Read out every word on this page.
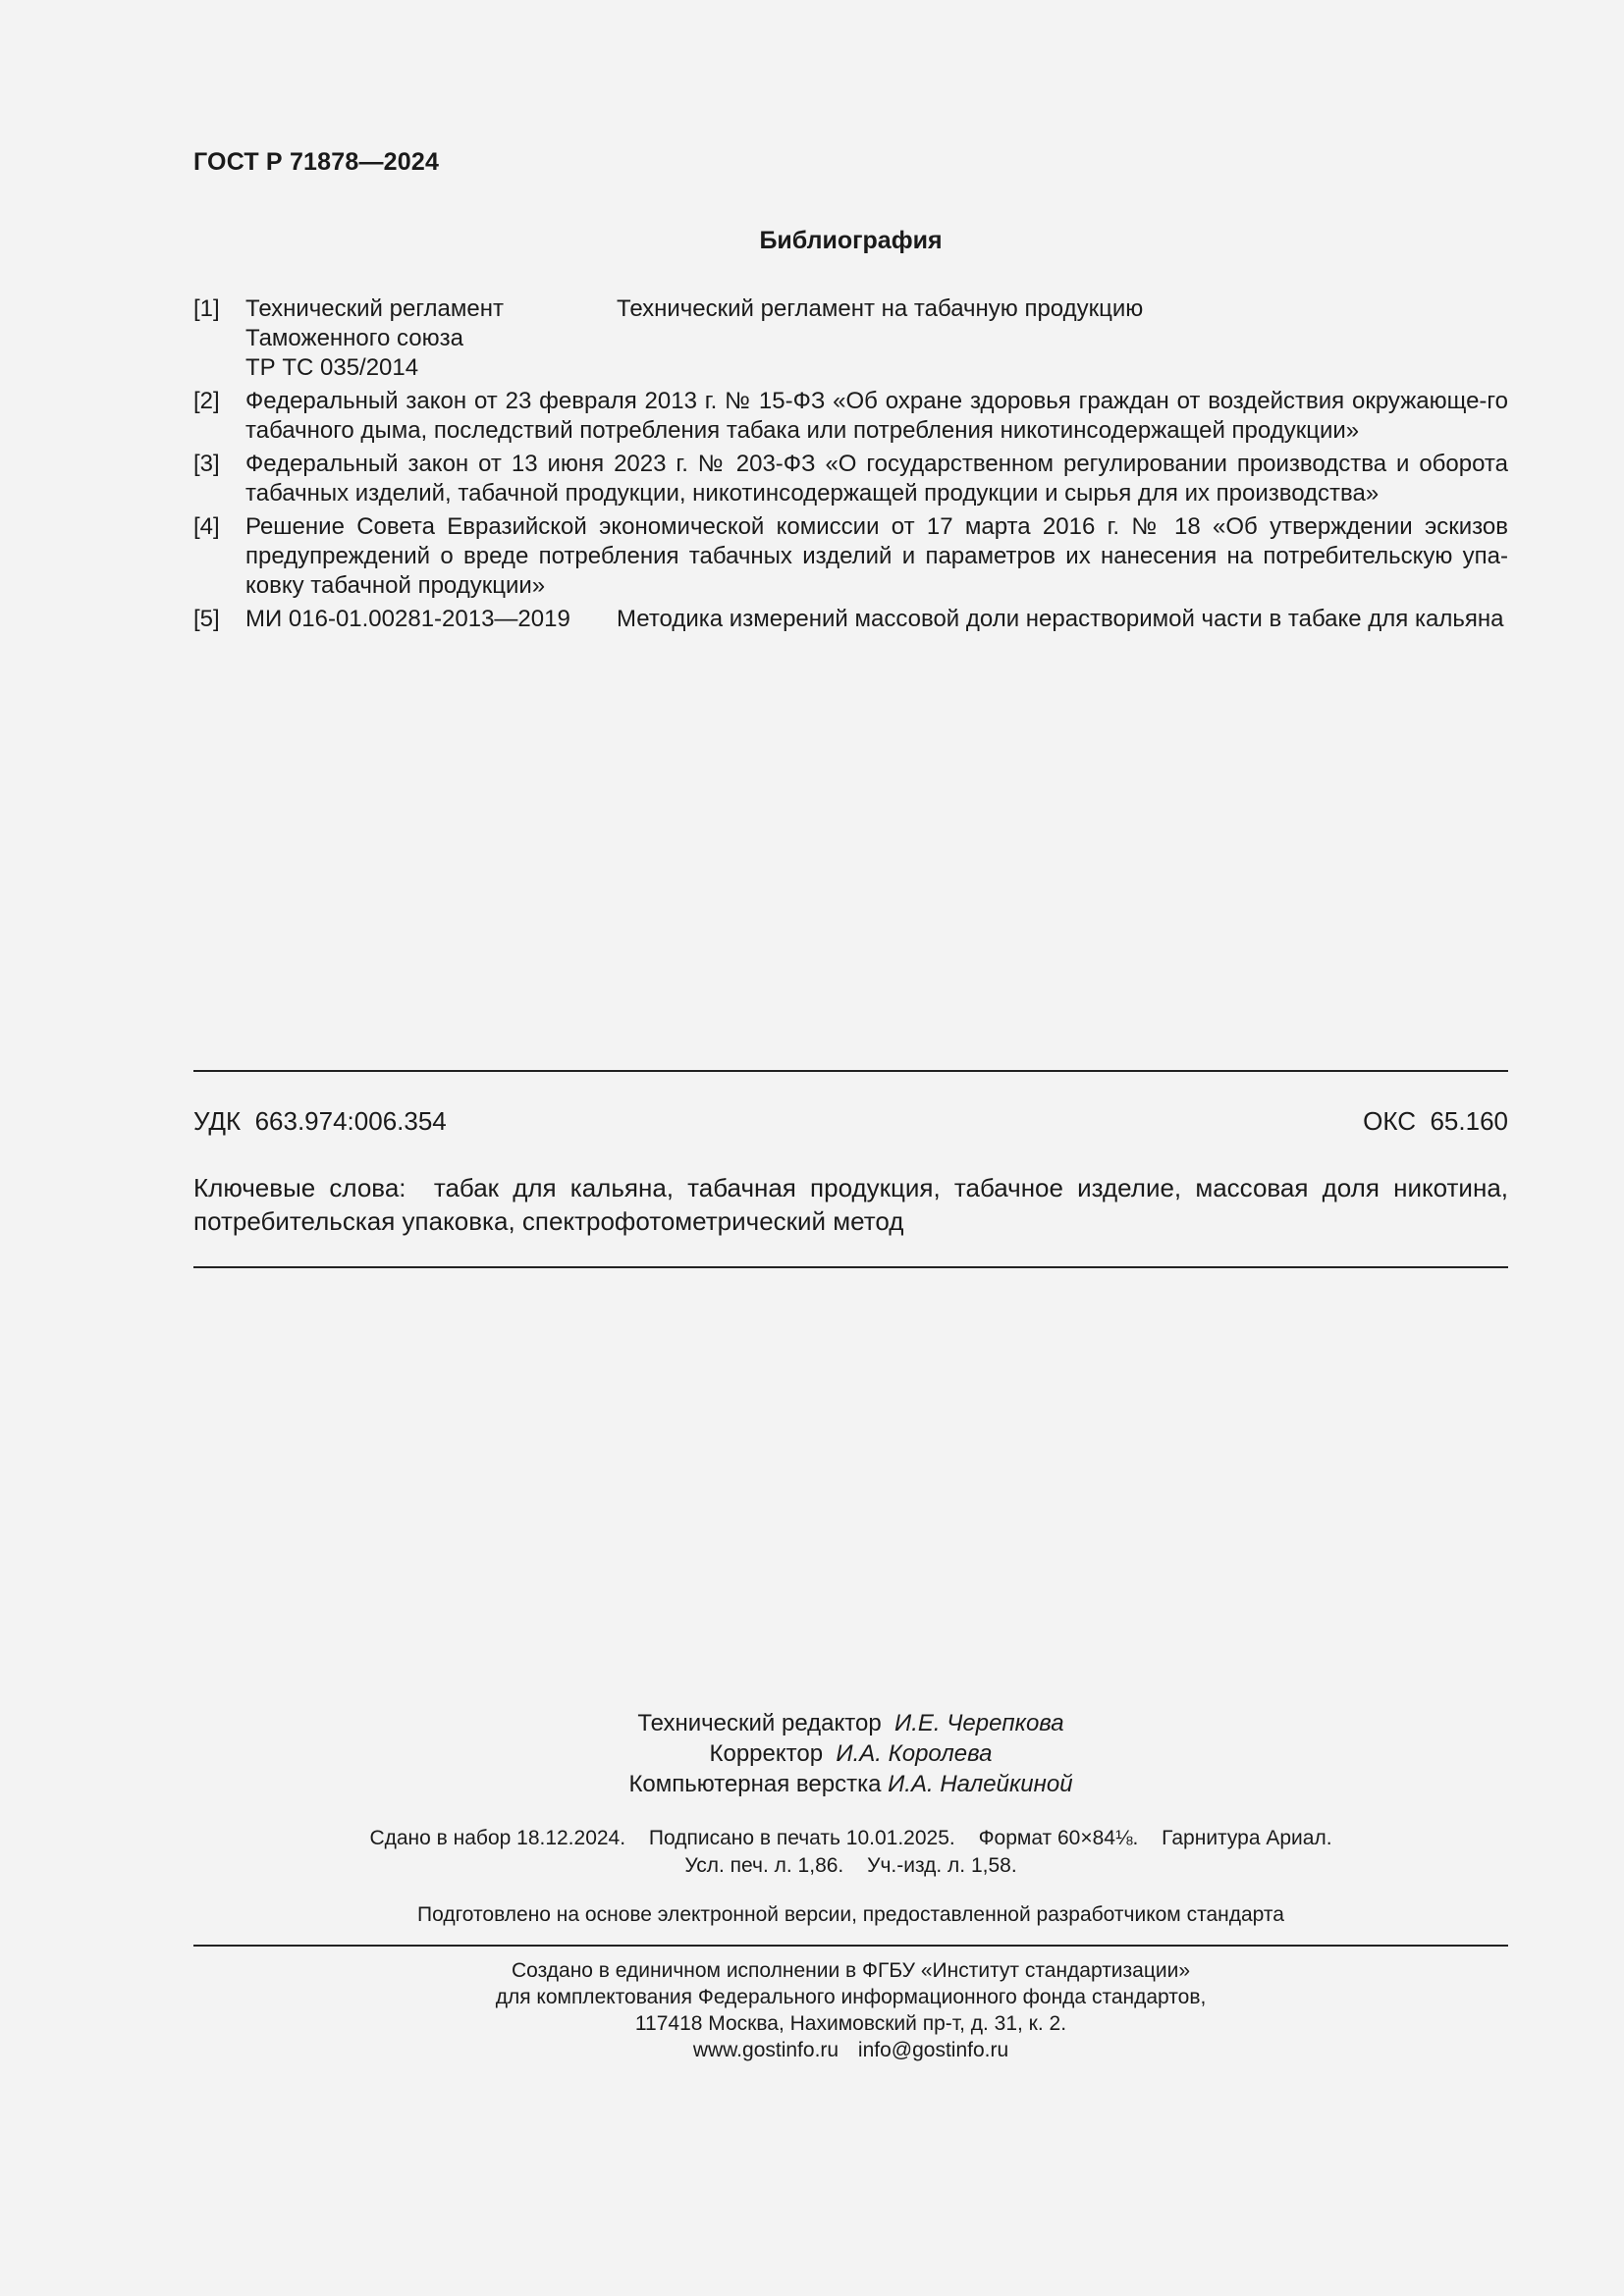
ГОСТ Р 71878—2024
Библиография
[1] Технический регламент
Таможенного союза
ТР ТС 035/2014
Технический регламент на табачную продукцию
[2] Федеральный закон от 23 февраля 2013 г. № 15-ФЗ «Об охране здоровья граждан от воздействия окружающе-го табачного дыма, последствий потребления табака или потребления никотинсодержащей продукции»
[3] Федеральный закон от 13 июня 2023 г. № 203-ФЗ «О государственном регулировании производства и оборота табачных изделий, табачной продукции, никотинсодержащей продукции и сырья для их производства»
[4] Решение Совета Евразийской экономической комиссии от 17 марта 2016 г. № 18 «Об утверждении эскизов предупреждений о вреде потребления табачных изделий и параметров их нанесения на потребительскую упа-ковку табачной продукции»
[5] МИ 016-01.00281-2013—2019	Методика измерений массовой доли нерастворимой части в табаке для кальяна
УДК 663.974:006.354	ОКС 65.160
Ключевые слова: табак для кальяна, табачная продукция, табачное изделие, массовая доля никотина, потребительская упаковка, спектрофотометрический метод
Технический редактор И.Е. Черепкова
Корректор И.А. Королева
Компьютерная верстка И.А. Налейкиной
Сдано в набор 18.12.2024. Подписано в печать 10.01.2025. Формат 60×84⅛. Гарнитура Ариал.
Усл. печ. л. 1,86. Уч.-изд. л. 1,58.
Подготовлено на основе электронной версии, предоставленной разработчиком стандарта
Создано в единичном исполнении в ФГБУ «Институт стандартизации»
для комплектования Федерального информационного фонда стандартов,
117418 Москва, Нахимовский пр-т, д. 31, к. 2.
www.gostinfo.ru info@gostinfo.ru
